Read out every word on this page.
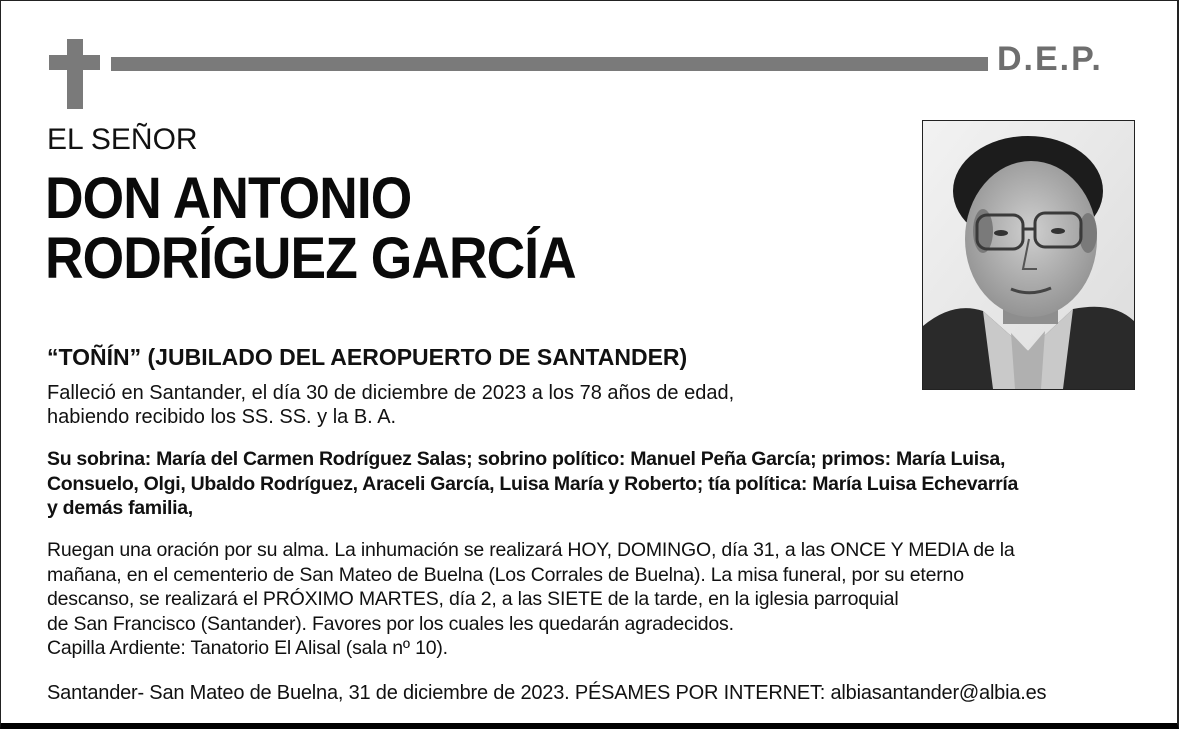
D.E.P.
EL SEÑOR
DON ANTONIO
RODRÍGUEZ GARCÍA
“TOÑÍN” (JUBILADO DEL AEROPUERTO DE SANTANDER)
Falleció en Santander, el día 30 de diciembre de 2023 a los 78 años de edad,
habiendo recibido los SS. SS. y la B. A.
Su sobrina: María del Carmen Rodríguez Salas; sobrino político: Manuel Peña García; primos: María Luisa,
Consuelo, Olgi, Ubaldo Rodríguez, Araceli García, Luisa María y Roberto; tía política: María Luisa Echevarría
y demás familia,
Ruegan una oración por su alma. La inhumación se realizará HOY, DOMINGO, día 31, a las ONCE Y MEDIA de la
mañana, en el cementerio de San Mateo de Buelna (Los Corrales de Buelna). La misa funeral, por su eterno
descanso, se realizará el PRÓXIMO MARTES, día 2, a las SIETE de la tarde, en la iglesia parroquial
de San Francisco (Santander). Favores por los cuales les quedarán agradecidos.
Capilla Ardiente: Tanatorio El Alisal (sala nº 10).
Santander- San Mateo de Buelna, 31 de diciembre de 2023. PÉSAMES POR INTERNET: albiasantander@albia.es
